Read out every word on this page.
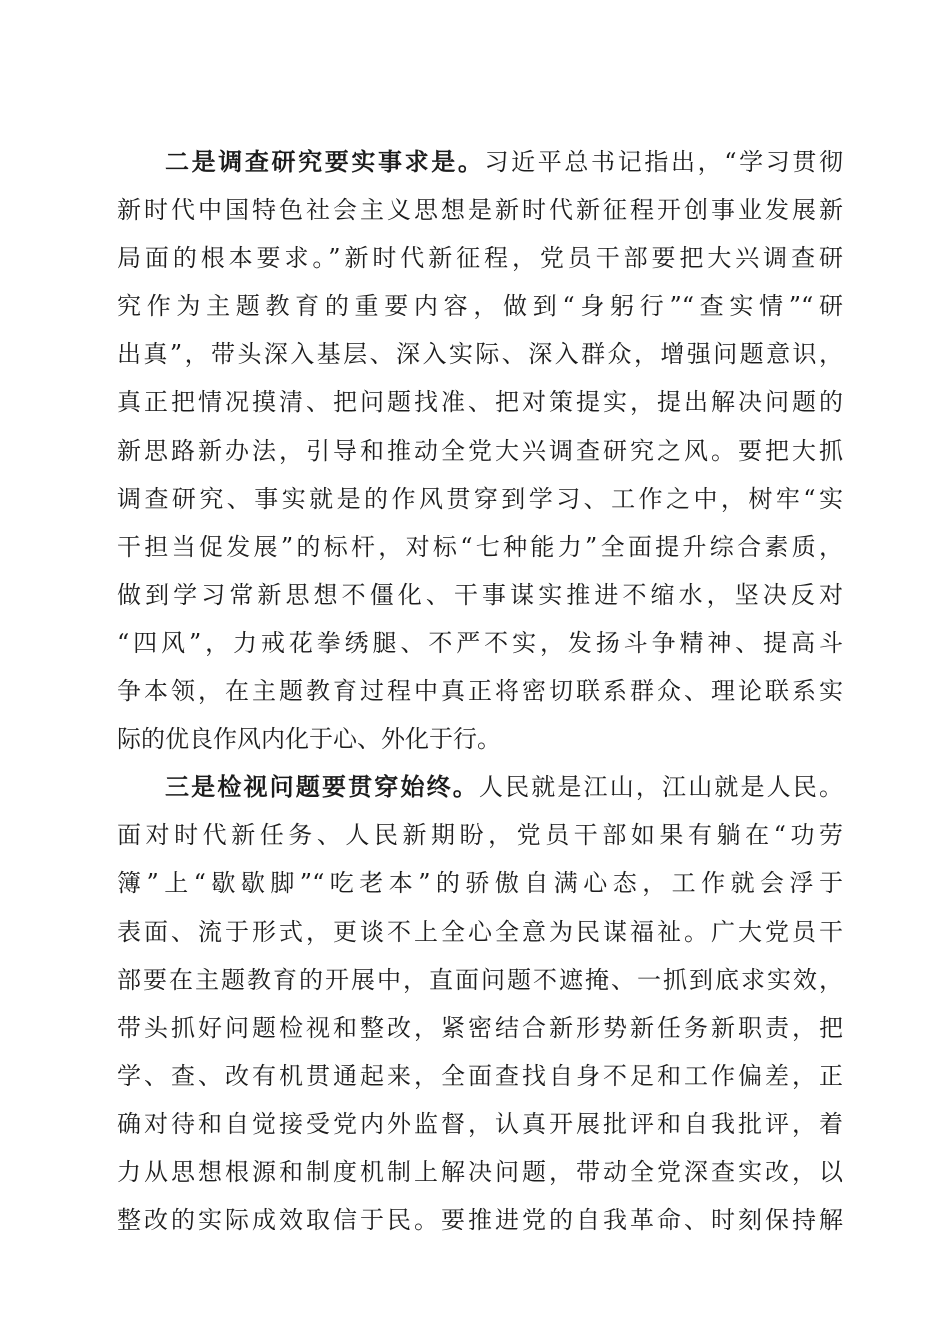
二是调查研究要实事求是。习近平总书记指出，“学习贯彻
新时代中国特色社会主义思想是新时代新征程开创事业发展新
局面的根本要求。”新时代新征程，党员干部要把大兴调查研
究作为主题教育的重要内容，做到“身躬行”“查实情”“研
出真”，带头深入基层、深入实际、深入群众，增强问题意识，
真正把情况摸清、把问题找准、把对策提实，提出解决问题的
新思路新办法，引导和推动全党大兴调查研究之风。要把大抓
调查研究、事实就是的作风贯穿到学习、工作之中，树牢“实
干担当促发展”的标杆，对标“七种能力”全面提升综合素质，
做到学习常新思想不僵化、干事谋实推进不缩水，坚决反对
“四风”，力戒花拳绣腿、不严不实，发扬斗争精神、提高斗
争本领，在主题教育过程中真正将密切联系群众、理论联系实
际的优良作风内化于心、外化于行。
三是检视问题要贯穿始终。人民就是江山，江山就是人民。
面对时代新任务、人民新期盼，党员干部如果有躺在“功劳
簿”上“歇歇脚”“吃老本”的骄傲自满心态，工作就会浮于
表面、流于形式，更谈不上全心全意为民谋福祉。广大党员干
部要在主题教育的开展中，直面问题不遮掩、一抓到底求实效，
带头抓好问题检视和整改，紧密结合新形势新任务新职责，把
学、查、改有机贯通起来，全面查找自身不足和工作偏差，正
确对待和自觉接受党内外监督，认真开展批评和自我批评，着
力从思想根源和制度机制上解决问题，带动全党深查实改，以
整改的实际成效取信于民。要推进党的自我革命、时刻保持解
